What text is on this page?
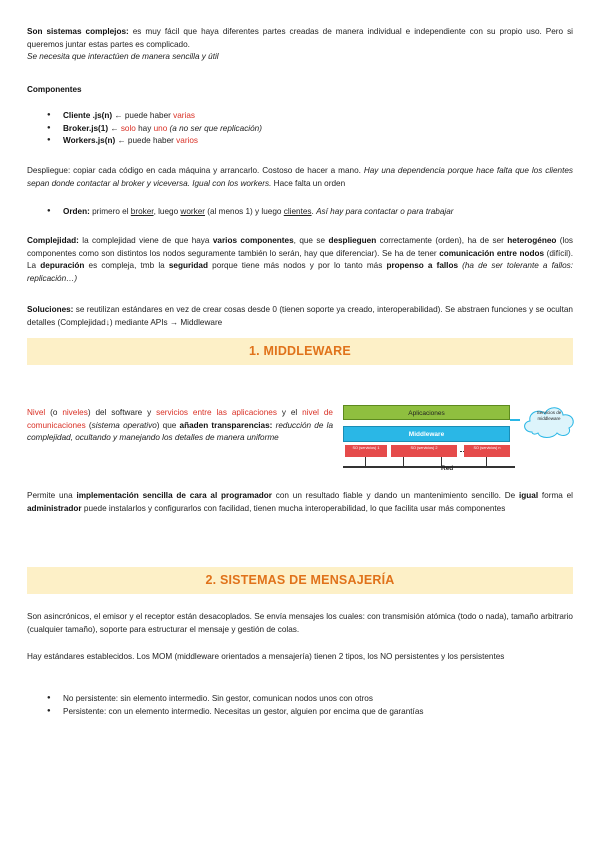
Son sistemas complejos: es muy fácil que haya diferentes partes creadas de manera individual e independiente con su propio uso. Pero si queremos juntar estas partes es complicado.

Se necesita que interactúen de manera sencilla y útil

Componentes

● Cliente .js(n) ← puede haber varias
● Broker.js(1) ← solo hay uno (a no ser que replicación)
● Workers.js(n) ← puede haber varios

Despliegue: copiar cada código en cada máquina y arrancarlo. Costoso de hacer a mano. Hay una dependencia porque hace falta que los clientes sepan donde contactar al broker y viceversa. Igual con los workers. Hace falta un orden

● Orden: primero el broker, luego worker (al menos 1) y luego clientes. Así hay para contactar o para trabajar

Complejidad: la complejidad viene de que haya varios componentes, que se desplieguen correctamente (orden), ha de ser heterogéneo (los componentes como son distintos los nodos seguramente también lo serán, hay que diferenciar). Se ha de tener comunicación entre nodos (difícil). La depuración es compleja, tmb la seguridad porque tiene más nodos y por lo tanto más propenso a fallos (ha de ser tolerante a fallos: replicación…)

Soluciones: se reutilizan estándares en vez de crear cosas desde 0 (tienen soporte ya creado, interoperabilidad). Se abstraen funciones y se ocultan detalles (Complejidad↓) mediante APIs → Middleware

1. MIDDLEWARE

Nivel (o niveles) del software y servicios entre las aplicaciones y el nivel de comunicaciones (sistema operativo) que añaden transparencias: reducción de la complejidad, ocultando y manejando los detalles de manera uniforme

Aplicaciones
Middleware
SO (servicios) 1	SO (servicios) 2	SO (servicios) n
Red
Servicios de middleware

Permite una implementación sencilla de cara al programador con un resultado fiable y dando un mantenimiento sencillo. De igual forma el administrador puede instalarlos y configurarlos con facilidad, tienen mucha interoperabilidad, lo que facilita usar más componentes

2. SISTEMAS DE MENSAJERÍA

Son asincrónicos, el emisor y el receptor están desacoplados. Se envía mensajes los cuales: con transmisión atómica (todo o nada), tamaño arbitrario (cualquier tamaño), soporte para estructurar el mensaje y gestión de colas.

Hay estándares establecidos. Los MOM (middleware orientados a mensajería) tienen 2 tipos, los NO persistentes y los persistentes

● No persistente: sin elemento intermedio. Sin gestor, comunican nodos unos con otros
● Persistente: con un elemento intermedio. Necesitas un gestor, alguien por encima que de garantías
